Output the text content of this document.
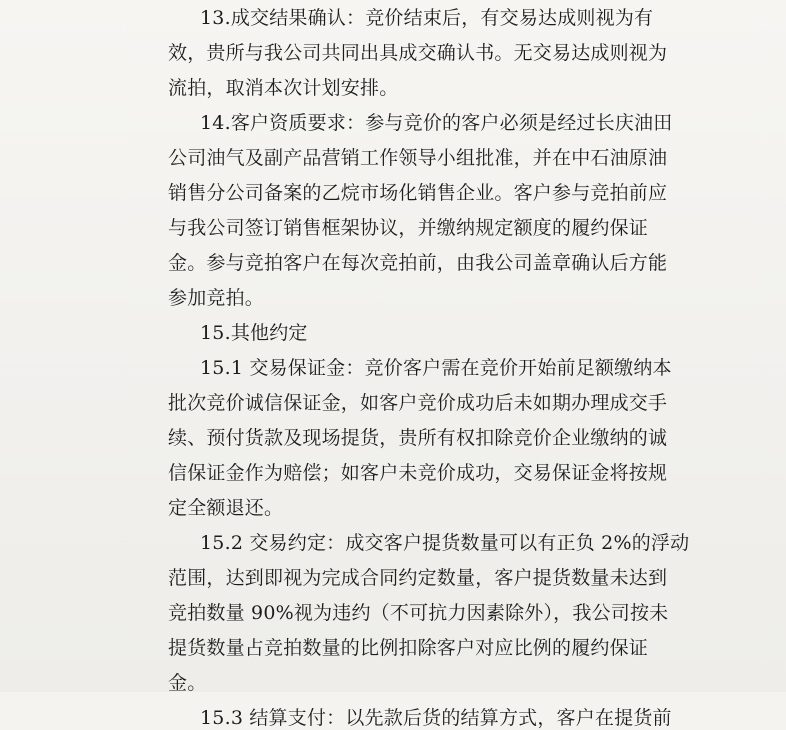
13.成交结果确认：竞价结束后，有交易达成则视为有
效，贵所与我公司共同出具成交确认书。无交易达成则视为
流拍，取消本次计划安排。
14.客户资质要求：参与竞价的客户必须是经过长庆油田
公司油气及副产品营销工作领导小组批准，并在中石油原油
销售分公司备案的乙烷市场化销售企业。客户参与竞拍前应
与我公司签订销售框架协议，并缴纳规定额度的履约保证
金。参与竞拍客户在每次竞拍前，由我公司盖章确认后方能
参加竞拍。
15.其他约定
15.1 交易保证金：竞价客户需在竞价开始前足额缴纳本
批次竞价诚信保证金，如客户竞价成功后未如期办理成交手
续、预付货款及现场提货，贵所有权扣除竞价企业缴纳的诚
信保证金作为赔偿；如客户未竞价成功，交易保证金将按规
定全额退还。
15.2 交易约定：成交客户提货数量可以有正负 2%的浮动
范围，达到即视为完成合同约定数量，客户提货数量未达到
竞拍数量 90%视为违约（不可抗力因素除外），我公司按未
提货数量占竞拍数量的比例扣除客户对应比例的履约保证
金。
15.3 结算支付：以先款后货的结算方式，客户在提货前
